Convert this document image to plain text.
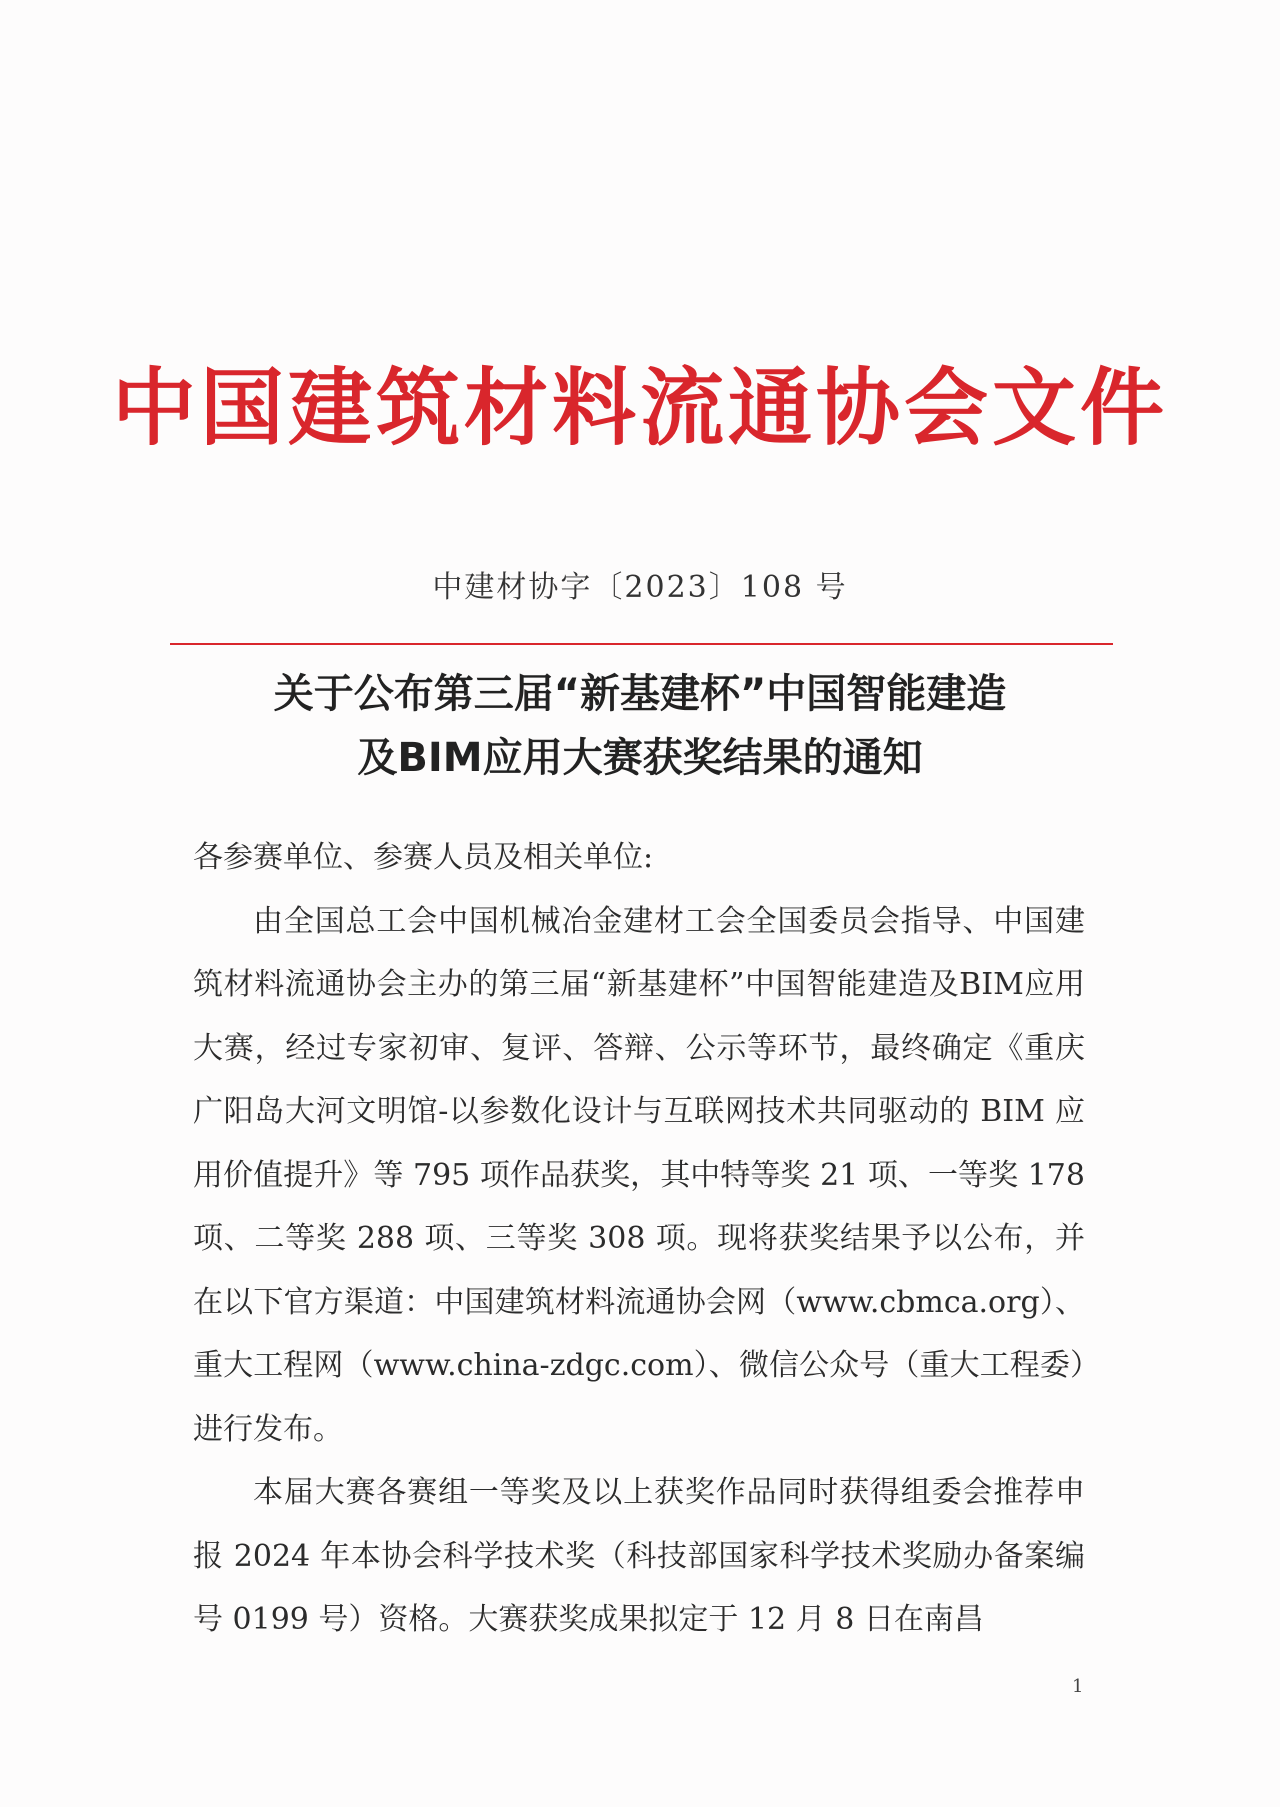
中国建筑材料流通协会文件
中建材协字〔2023〕108 号
关于公布第三届“新基建杯”中国智能建造
及BIM应用大赛获奖结果的通知

各参赛单位、参赛人员及相关单位:

由全国总工会中国机械冶金建材工会全国委员会指导、中国建筑材料流通协会主办的第三届“新基建杯”中国智能建造及BIM应用大赛，经过专家初审、复评、答辩、公示等环节，最终确定《重庆广阳岛大河文明馆-以参数化设计与互联网技术共同驱动的 BIM 应用价值提升》等 795 项作品获奖，其中特等奖 21 项、一等奖 178 项、二等奖 288 项、三等奖 308 项。现将获奖结果予以公布，并在以下官方渠道：中国建筑材料流通协会网（www.cbmca.org）、重大工程网（www.china-zdgc.com）、微信公众号（重大工程委）进行发布。

本届大赛各赛组一等奖及以上获奖作品同时获得组委会推荐申报 2024 年本协会科学技术奖（科技部国家科学技术奖励办备案编号 0199 号）资格。大赛获奖成果拟定于 12 月 8 日在南昌

1
